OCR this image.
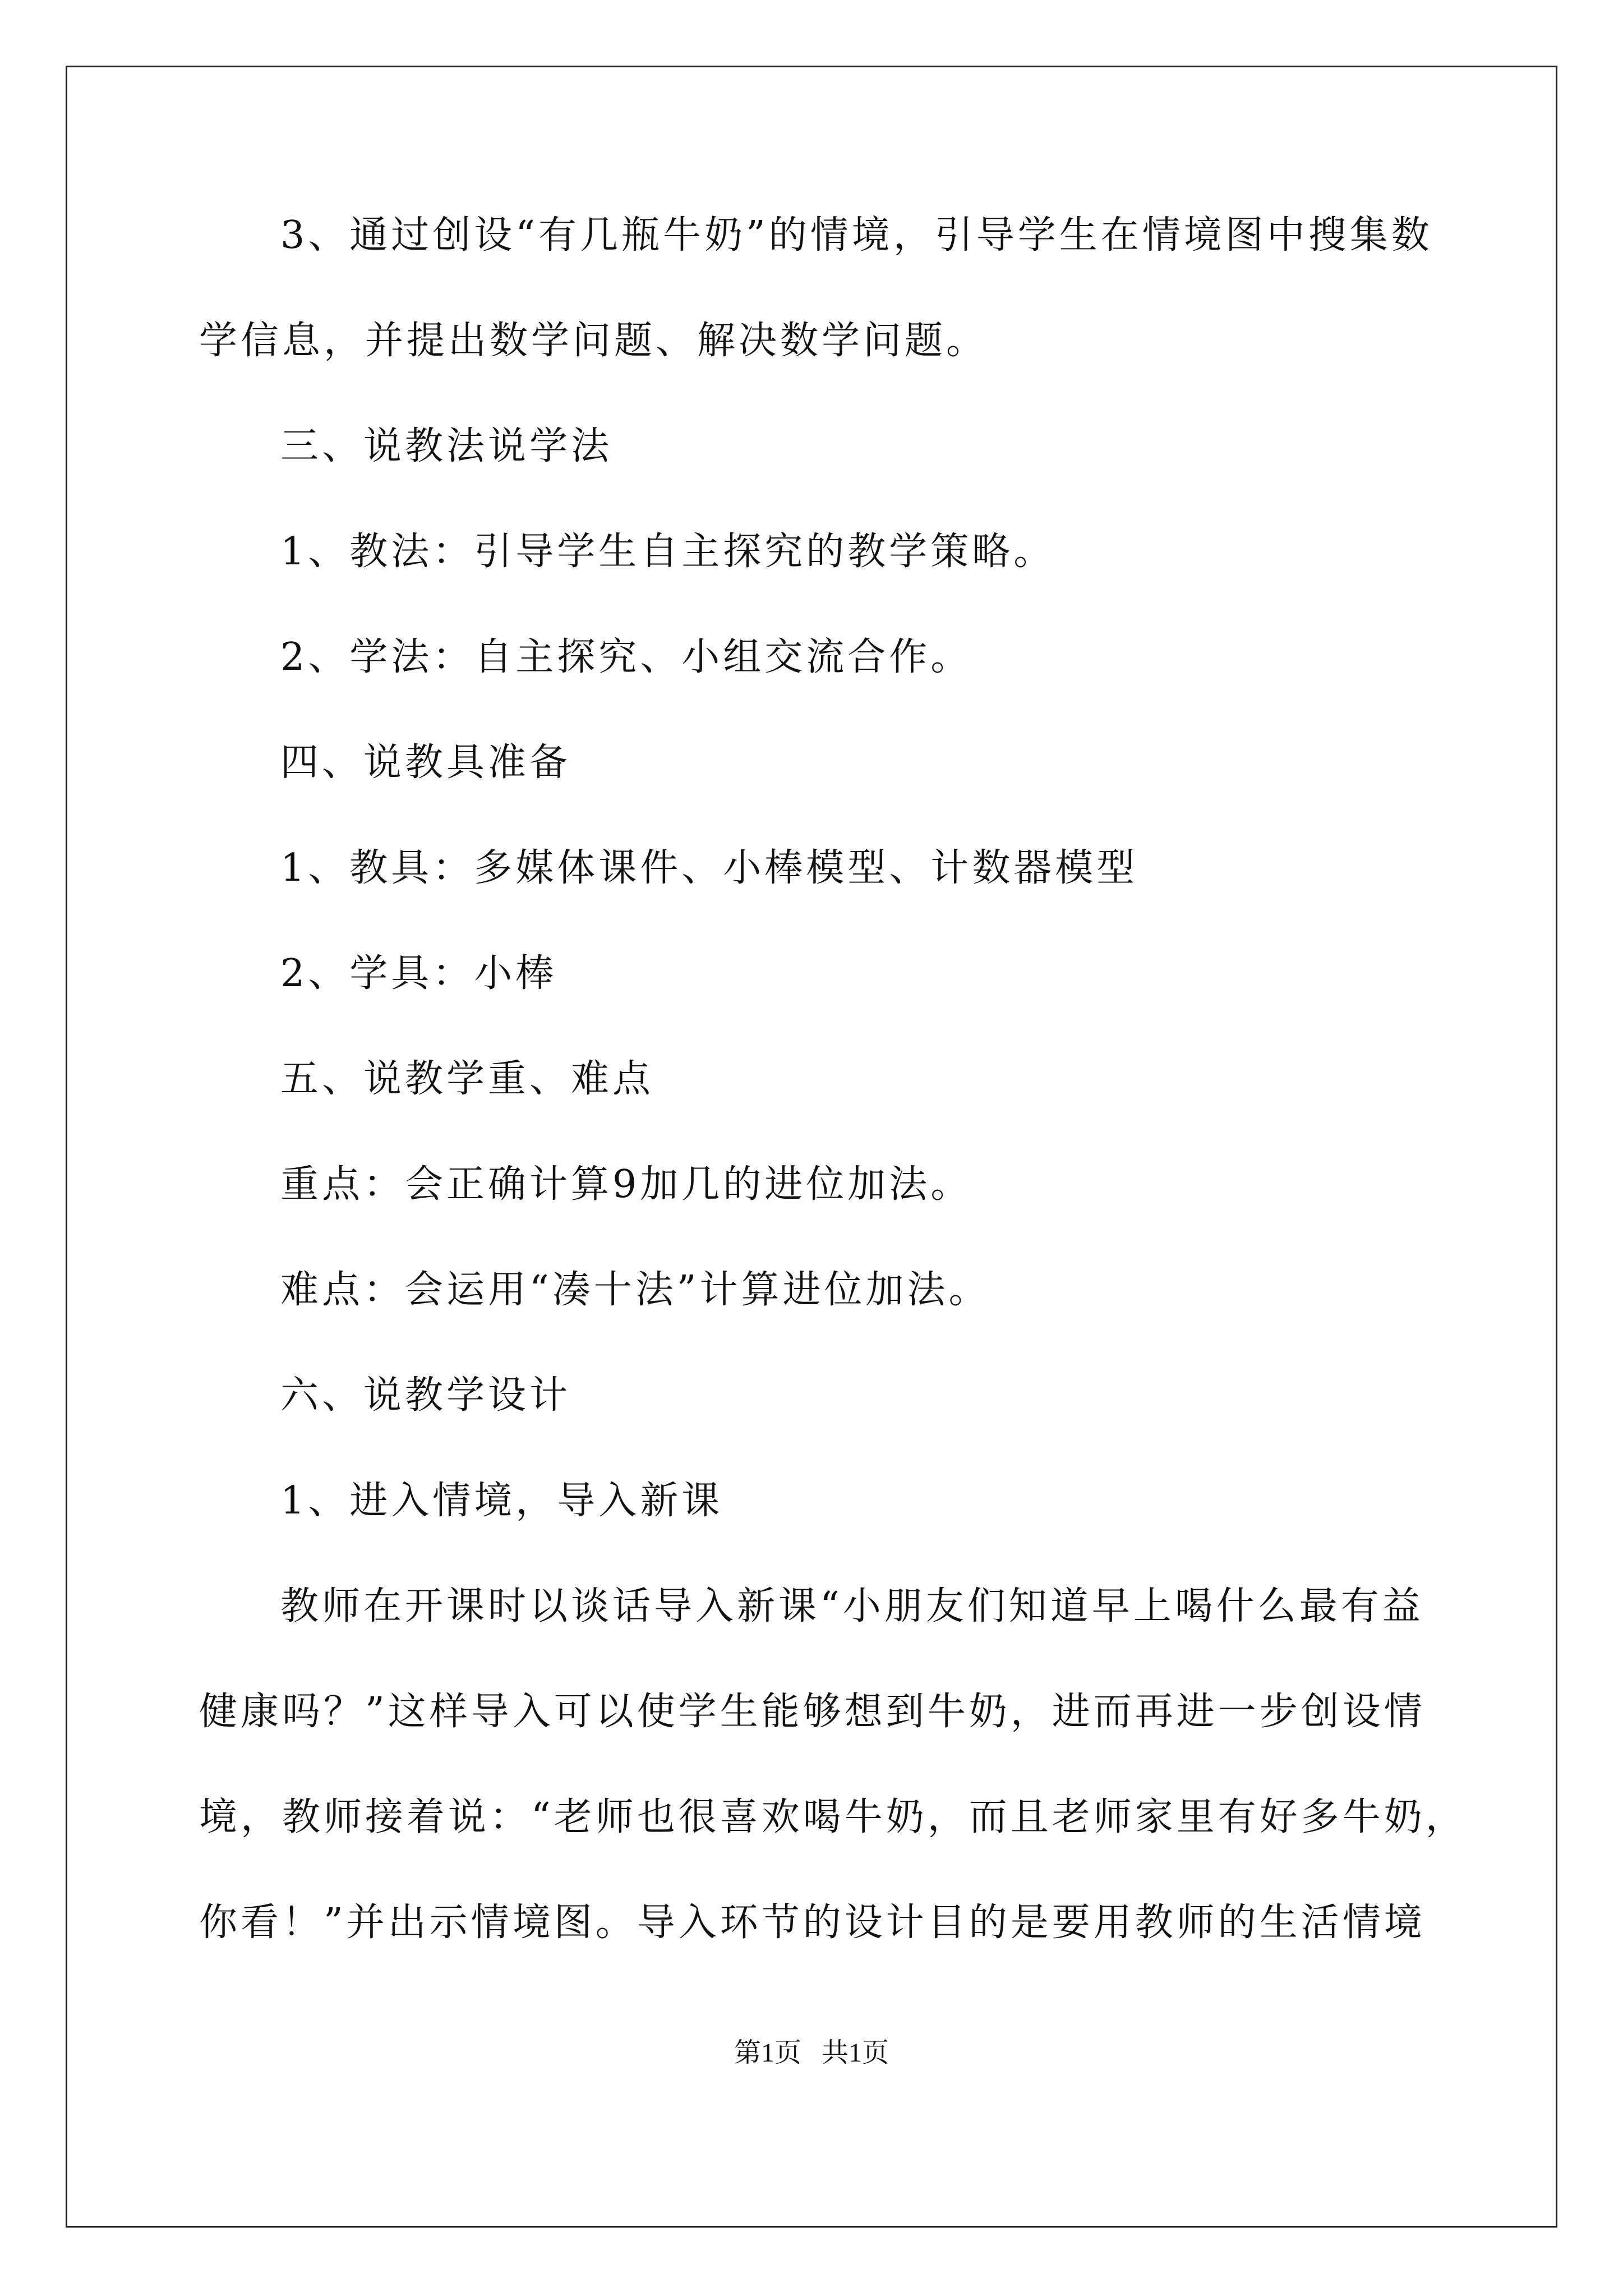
3、通过创设“有几瓶牛奶”的情境，引导学生在情境图中搜集数
学信息，并提出数学问题、解决数学问题。
三、说教法说学法
1、教法：引导学生自主探究的教学策略。
2、学法：自主探究、小组交流合作。
四、说教具准备
1、教具：多媒体课件、小棒模型、计数器模型
2、学具：小棒
五、说教学重、难点
重点：会正确计算9加几的进位加法。
难点：会运用“凑十法”计算进位加法。
六、说教学设计
1、进入情境，导入新课
教师在开课时以谈话导入新课“小朋友们知道早上喝什么最有益
健康吗？”这样导入可以使学生能够想到牛奶，进而再进一步创设情
境，教师接着说：“老师也很喜欢喝牛奶，而且老师家里有好多牛奶，
你看！”并出示情境图。导入环节的设计目的是要用教师的生活情境
第1页 共1页
